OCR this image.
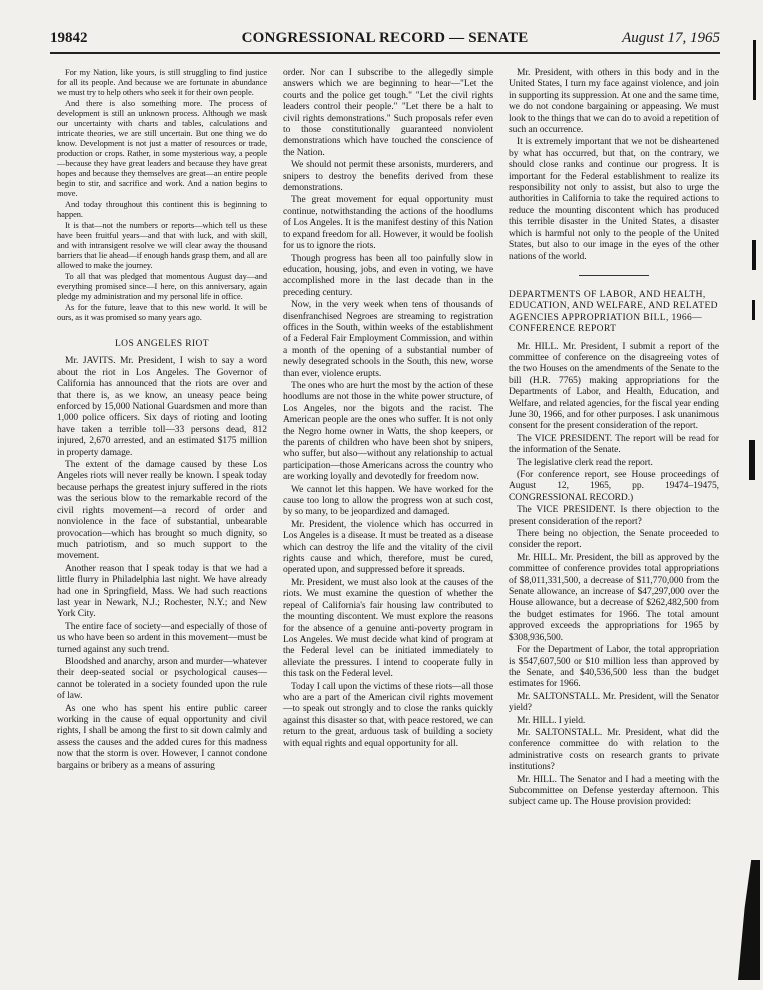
19842	CONGRESSIONAL RECORD — SENATE	August 17, 1965

For my Nation, like yours, is still struggling to find justice for all its people. And because we are fortunate in abundance we must try to help others who seek it for their own people.

And there is also something more. The process of development is still an unknown process. Although we mask our uncertainty with charts and tables, calculations and intricate theories, we are still uncertain. But one thing we do know. Development is not just a matter of resources or trade, production or crops. Rather, in some mysterious way, a people—because they have great leaders and because they have great hopes and because they themselves are great—an entire people begin to stir, and sacrifice and work. And a nation begins to move.

And today throughout this continent this is beginning to happen.

It is that—not the numbers or reports—which tell us these have been fruitful years—and that with luck, and with skill, and with intransigent resolve we will clear away the thousand barriers that lie ahead—if enough hands grasp them, and all are allowed to make the journey.

To all that was pledged that momentous August day—and everything promised since—I here, on this anniversary, again pledge my administration and my personal life in office.

As for the future, leave that to this new world. It will be ours, as it was promised so many years ago.

LOS ANGELES RIOT

Mr. JAVITS. Mr. President, I wish to say a word about the riot in Los Angeles. The Governor of California has announced that the riots are over and that there is, as we know, an uneasy peace being enforced by 15,000 National Guardsmen and more than 1,000 police officers. Six days of rioting and looting have taken a terrible toll—33 persons dead, 812 injured, 2,670 arrested, and an estimated $175 million in property damage.

The extent of the damage caused by these Los Angeles riots will never really be known. I speak today because perhaps the greatest injury suffered in the riots was the serious blow to the remarkable record of the civil rights movement—a record of order and nonviolence in the face of substantial, unbearable provocation—which has brought so much dignity, so much patriotism, and so much support to the movement.

Another reason that I speak today is that we had a little flurry in Philadelphia last night. We have already had one in Springfield, Mass. We had such reactions last year in Newark, N.J.; Rochester, N.Y.; and New York City.

The entire face of society—and especially of those of us who have been so ardent in this movement—must be turned against any such trend.

Bloodshed and anarchy, arson and murder—whatever their deep-seated social or psychological causes—cannot be tolerated in a society founded upon the rule of law.

As one who has spent his entire public career working in the cause of equal opportunity and civil rights, I shall be among the first to sit down calmly and assess the causes and the added cures for this madness now that the storm is over. However, I cannot condone bargains or bribery as a means of assuring

order. Nor can I subscribe to the allegedly simple answers which we are beginning to hear—"Let the courts and the police get tough." "Let the civil rights leaders control their people." "Let there be a halt to civil rights demonstrations." Such proposals refer even to those constitutionally guaranteed nonviolent demonstrations which have touched the conscience of the Nation.

We should not permit these arsonists, murderers, and snipers to destroy the benefits derived from these demonstrations.

The great movement for equal opportunity must continue, notwithstanding the actions of the hoodlums of Los Angeles. It is the manifest destiny of this Nation to expand freedom for all. However, it would be foolish for us to ignore the riots.

Though progress has been all too painfully slow in education, housing, jobs, and even in voting, we have accomplished more in the last decade than in the preceding century.

Now, in the very week when tens of thousands of disenfranchised Negroes are streaming to registration offices in the South, within weeks of the establishment of a Federal Fair Employment Commission, and within a month of the opening of a substantial number of newly desegrated schools in the South, this new, worse than ever, violence erupts.

The ones who are hurt the most by the action of these hoodlums are not those in the white power structure, of Los Angeles, nor the bigots and the racist. The American people are the ones who suffer. It is not only the Negro home owner in Watts, the shop keepers, or the parents of children who have been shot by snipers, who suffer, but also—without any relationship to actual participation—those Americans across the country who are working loyally and devotedly for freedom now.

We cannot let this happen. We have worked for the cause too long to allow the progress won at such cost, by so many, to be jeopardized and damaged.

Mr. President, the violence which has occurred in Los Angeles is a disease. It must be treated as a disease which can destroy the life and the vitality of the civil rights cause and which, therefore, must be cured, operated upon, and suppressed before it spreads.

Mr. President, we must also look at the causes of the riots. We must examine the question of whether the repeal of California's fair housing law contributed to the mounting discontent. We must explore the reasons for the absence of a genuine anti-poverty program in Los Angeles. We must decide what kind of program at the Federal level can be initiated immediately to alleviate the pressures. I intend to cooperate fully in this task on the Federal level.

Today I call upon the victims of these riots—all those who are a part of the American civil rights movement—to speak out strongly and to close the ranks quickly against this disaster so that, with peace restored, we can return to the great, arduous task of building a society with equal rights and equal opportunity for all.

Mr. President, with others in this body and in the United States, I turn my face against violence, and join in supporting its suppression. At one and the same time, we do not condone bargaining or appeasing. We must look to the things that we can do to avoid a repetition of such an occurrence.

It is extremely important that we not be disheartened by what has occurred, but that, on the contrary, we should close ranks and continue our progress. It is important for the Federal establishment to realize its responsibility not only to assist, but also to urge the authorities in California to take the required actions to reduce the mounting discontent which has produced this terrible disaster in the United States, a disaster which is harmful not only to the people of the United States, but also to our image in the eyes of the other nations of the world.

DEPARTMENTS OF LABOR, AND HEALTH, EDUCATION, AND WELFARE, AND RELATED AGENCIES APPROPRIATION BILL, 1966—CONFERENCE REPORT

Mr. HILL. Mr. President, I submit a report of the committee of conference on the disagreeing votes of the two Houses on the amendments of the Senate to the bill (H.R. 7765) making appropriations for the Departments of Labor, and Health, Education, and Welfare, and related agencies, for the fiscal year ending June 30, 1966, and for other purposes. I ask unanimous consent for the present consideration of the report.

The VICE PRESIDENT. The report will be read for the information of the Senate.

The legislative clerk read the report.

(For conference report, see House proceedings of August 12, 1965, pp. 19474–19475, CONGRESSIONAL RECORD.)

The VICE PRESIDENT. Is there objection to the present consideration of the report?

There being no objection, the Senate proceeded to consider the report.

Mr. HILL. Mr. President, the bill as approved by the committee of conference provides total appropriations of $8,011,331,500, a decrease of $11,770,000 from the Senate allowance, an increase of $47,297,000 over the House allowance, but a decrease of $262,482,500 from the budget estimates for 1966. The total amount approved exceeds the appropriations for 1965 by $308,936,500.

For the Department of Labor, the total appropriation is $547,607,500 or $10 million less than approved by the Senate, and $40,536,500 less than the budget estimates for 1966.

Mr. SALTONSTALL. Mr. President, will the Senator yield?

Mr. HILL. I yield.

Mr. SALTONSTALL. Mr. President, what did the conference committee do with relation to the administrative costs on research grants to private institutions?

Mr. HILL. The Senator and I had a meeting with the Subcommittee on Defense yesterday afternoon. This subject came up. The House provision provided:
